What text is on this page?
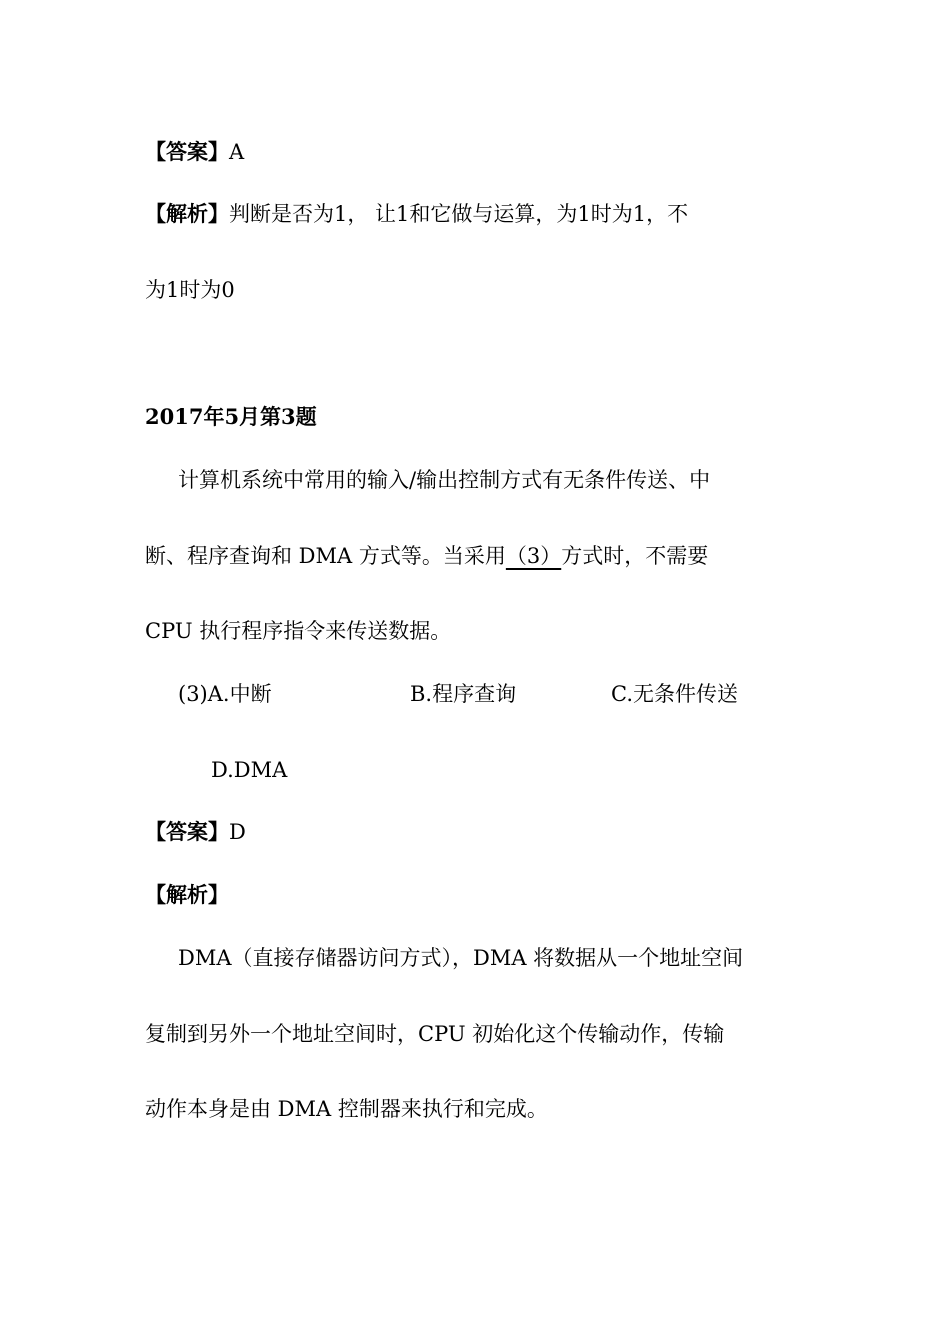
【答案】A
【解析】判断是否为1， 让1和它做与运算，为1时为1，不
为1时为0
2017年5月第3题
计算机系统中常用的输入/输出控制方式有无条件传送、中
断、程序查询和 DMA 方式等。当采用（3）方式时，不需要
CPU 执行程序指令来传送数据。
(3)A.中断	B.程序查询	C.无条件传送
D.DMA
【答案】D
【解析】
DMA（直接存储器访问方式），DMA 将数据从一个地址空间
复制到另外一个地址空间时，CPU 初始化这个传输动作，传输
动作本身是由 DMA 控制器来执行和完成。
